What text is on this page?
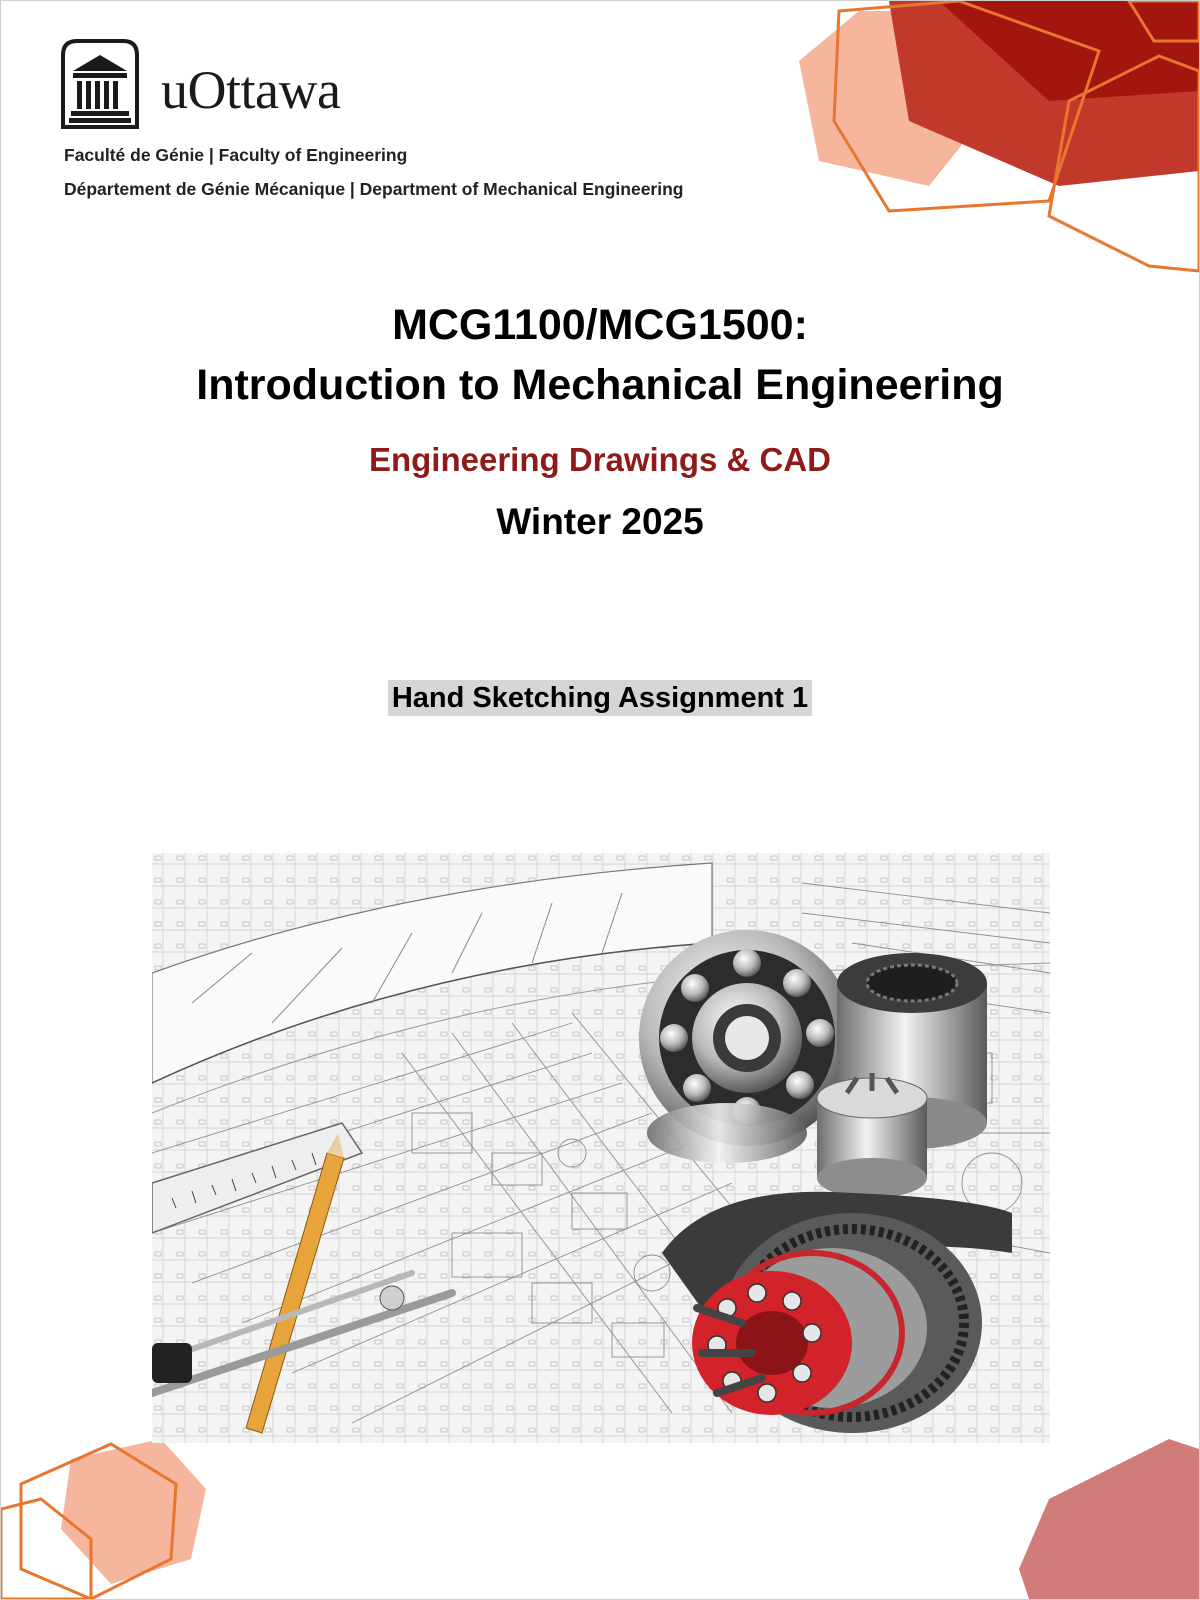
uOttawa
Faculté de Génie | Faculty of Engineering
Département de Génie Mécanique | Department of Mechanical Engineering
MCG1100/MCG1500:
Introduction to Mechanical Engineering
Engineering Drawings & CAD
Winter 2025
Hand Sketching Assignment 1
